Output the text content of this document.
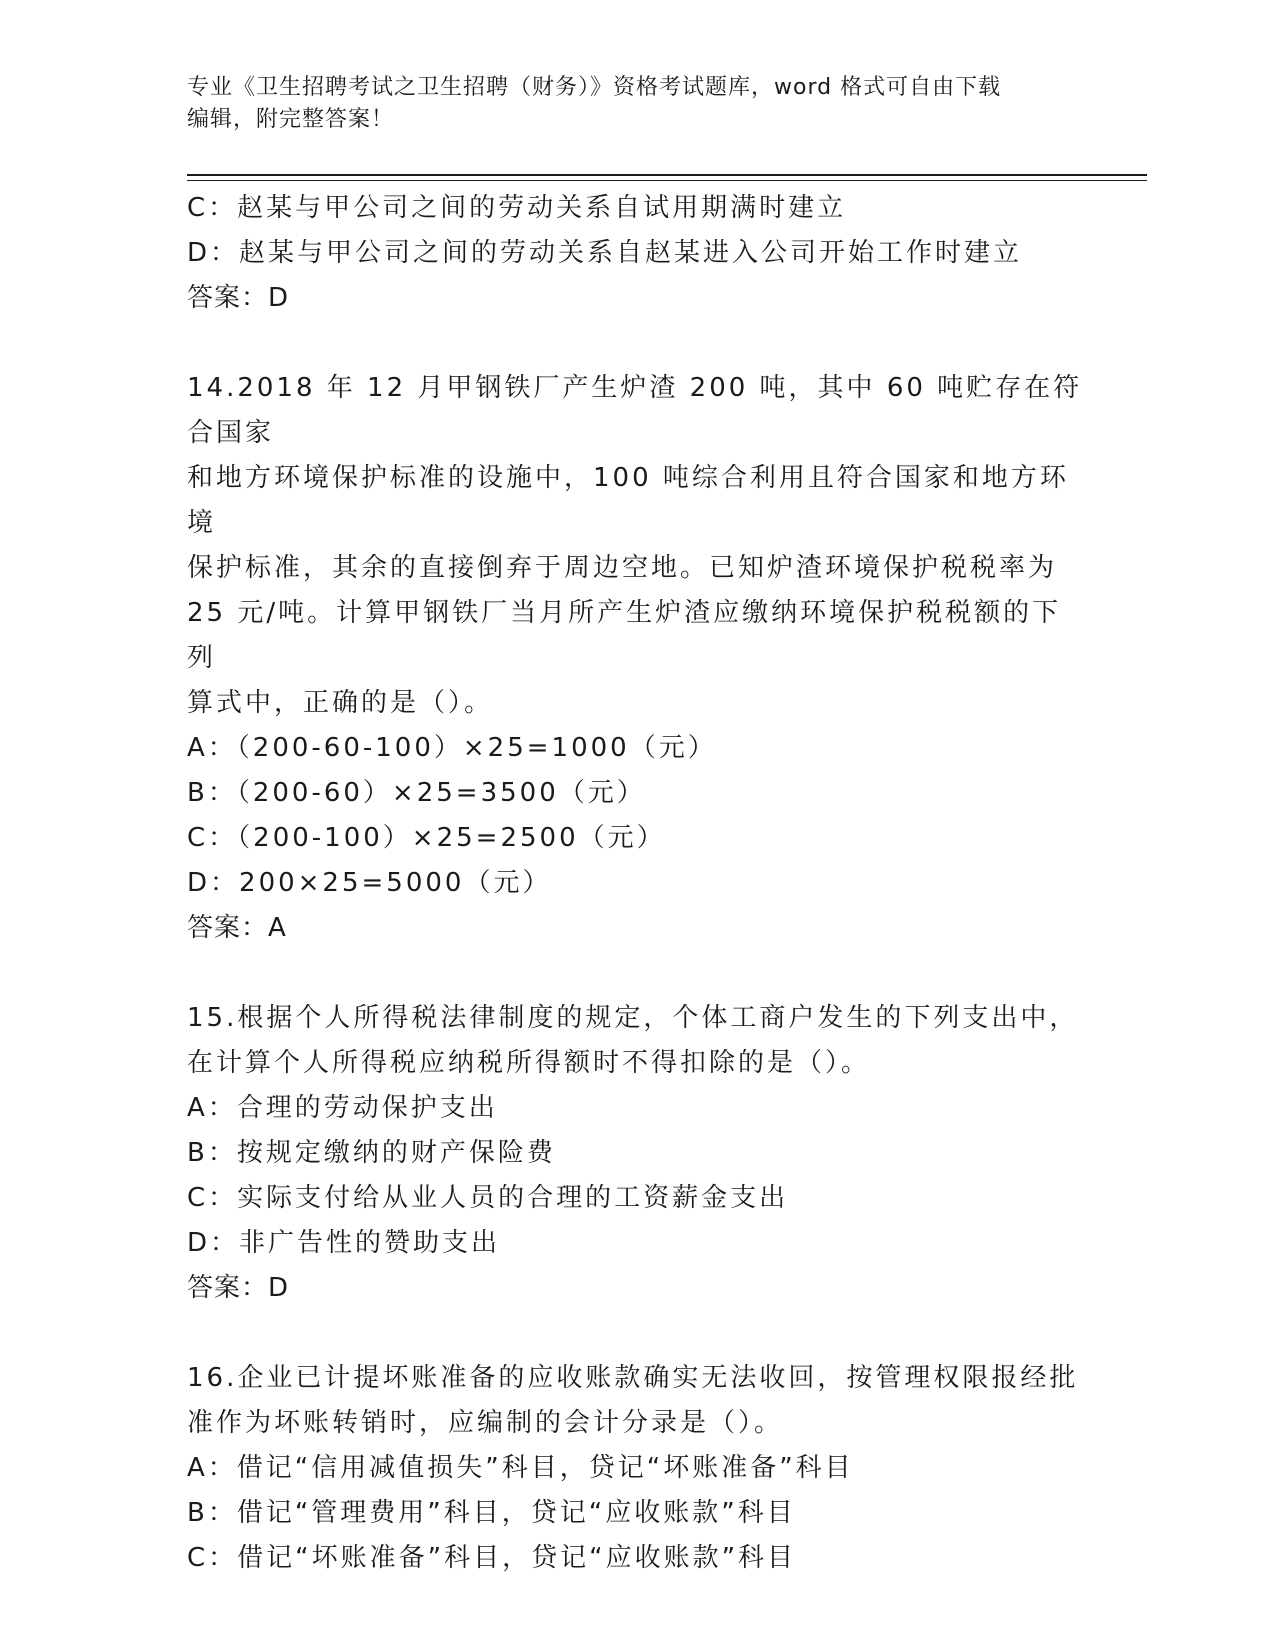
专业《卫生招聘考试之卫生招聘（财务）》资格考试题库，word 格式可自由下载
编辑，附完整答案！
C：赵某与甲公司之间的劳动关系自试用期满时建立
D：赵某与甲公司之间的劳动关系自赵某进入公司开始工作时建立
答案：D
14.2018 年 12 月甲钢铁厂产生炉渣 200 吨，其中 60 吨贮存在符合国家
和地方环境保护标准的设施中，100 吨综合利用且符合国家和地方环境
保护标准，其余的直接倒弃于周边空地。已知炉渣环境保护税税率为
25 元/吨。计算甲钢铁厂当月所产生炉渣应缴纳环境保护税税额的下列
算式中，正确的是（）。
A：（200-60-100）×25=1000（元）
B：（200-60）×25=3500（元）
C：（200-100）×25=2500（元）
D：200×25=5000（元）
答案：A
15.根据个人所得税法律制度的规定，个体工商户发生的下列支出中，
在计算个人所得税应纳税所得额时不得扣除的是（）。
A：合理的劳动保护支出
B：按规定缴纳的财产保险费
C：实际支付给从业人员的合理的工资薪金支出
D：非广告性的赞助支出
答案：D
16.企业已计提坏账准备的应收账款确实无法收回，按管理权限报经批
准作为坏账转销时，应编制的会计分录是（）。
A：借记“信用减值损失”科目，贷记“坏账准备”科目
B：借记“管理费用”科目，贷记“应收账款”科目
C：借记“坏账准备”科目，贷记“应收账款”科目
